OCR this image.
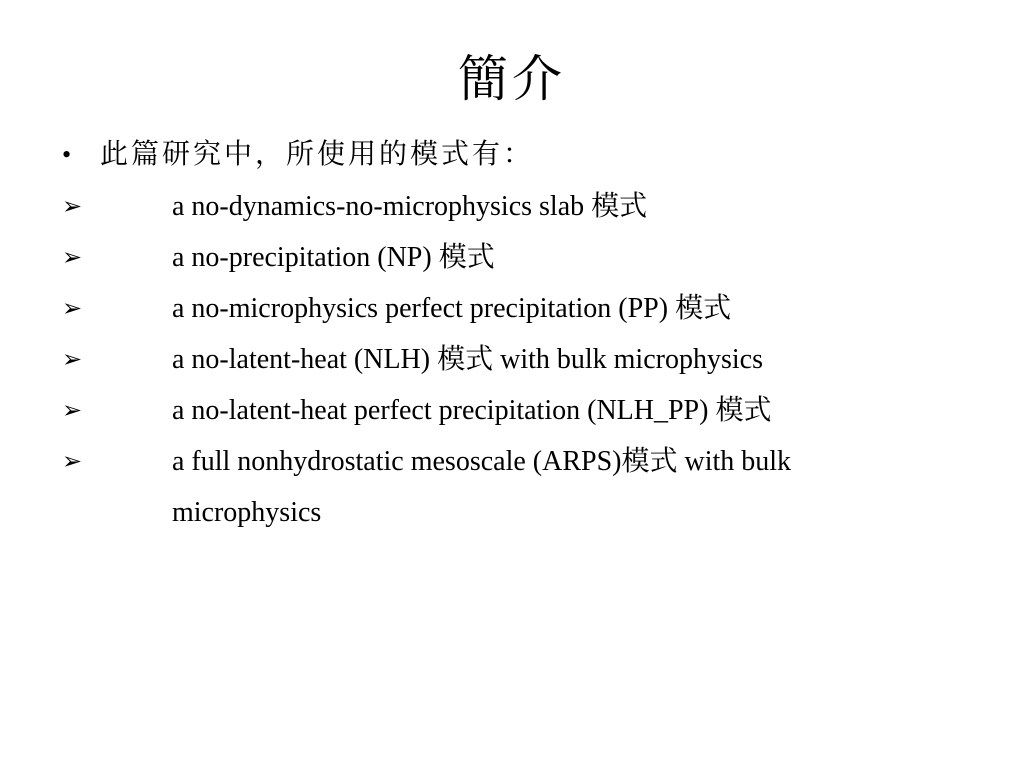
簡介
• 此篇研究中，所使用的模式有：
➢	a no-dynamics-no-microphysics slab 模式
➢	a no-precipitation (NP) 模式
➢	a no-microphysics perfect precipitation (PP) 模式
➢	a no-latent-heat (NLH) 模式 with bulk microphysics
➢	a no-latent-heat perfect precipitation (NLH_PP) 模式
➢	a full nonhydrostatic mesoscale (ARPS)模式 with bulk
microphysics
